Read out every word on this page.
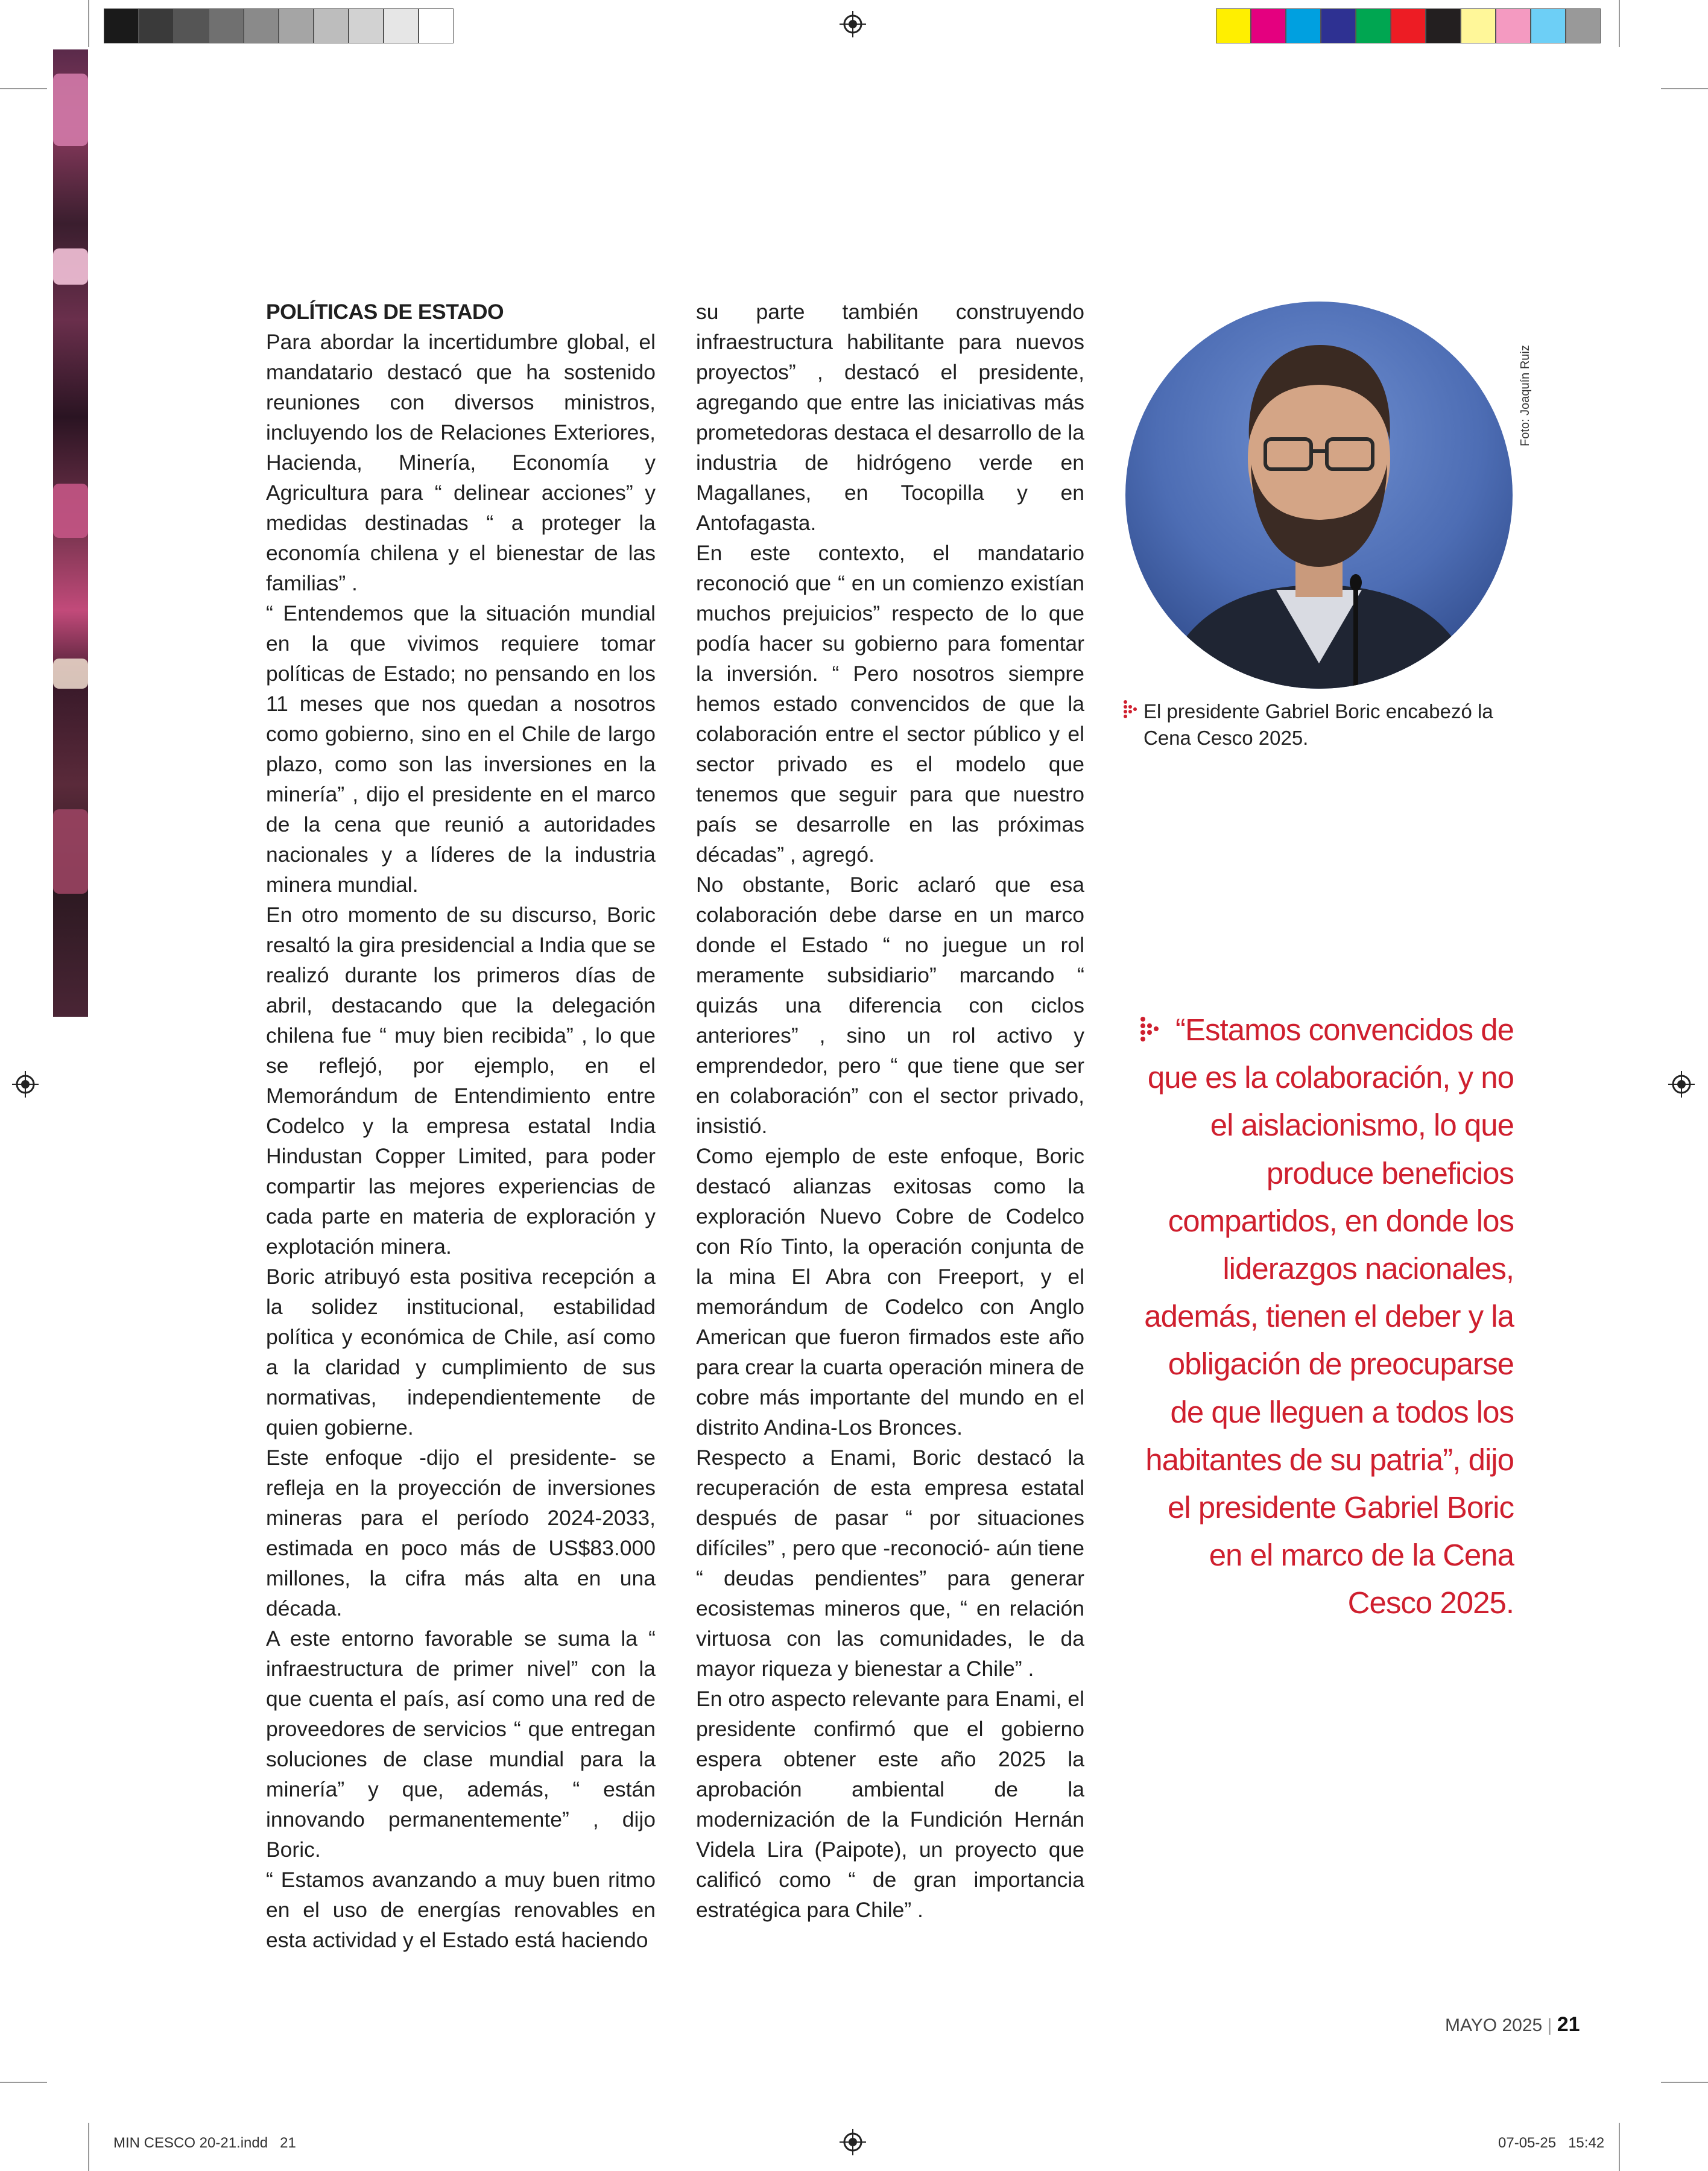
POLÍTICAS DE ESTADO

Para abordar la incertidumbre global, el mandatario destacó que ha sostenido reuniones con diversos ministros, incluyendo los de Relaciones Exteriores, Hacienda, Minería, Economía y Agricultura para “ delinear acciones” y medidas destinadas “ a proteger la economía chilena y el bienestar de las familias” .

“ Entendemos que la situación mundial en la que vivimos requiere tomar políticas de Estado; no pensando en los 11 meses que nos quedan a nosotros como gobierno, sino en el Chile de largo plazo, como son las inversiones en la minería” , dijo el presidente en el marco de la cena que reunió a autoridades nacionales y a líderes de la industria minera mundial.

En otro momento de su discurso, Boric resaltó la gira presidencial a India que se realizó durante los primeros días de abril, destacando que la delegación chilena fue “ muy bien recibida” , lo que se reflejó, por ejemplo, en el Memorándum de Entendimiento entre Codelco y la empresa estatal India Hindustan Copper Limited, para poder compartir las mejores experiencias de cada parte en materia de exploración y explotación minera.

Boric atribuyó esta positiva recepción a la solidez institucional, estabilidad política y económica de Chile, así como a la claridad y cumplimiento de sus normativas, independientemente de quien gobierne.

Este enfoque -dijo el presidente- se refleja en la proyección de inversiones mineras para el período 2024-2033, estimada en poco más de US$83.000 millones, la cifra más alta en una década.

A este entorno favorable se suma la “ infraestructura de primer nivel” con la que cuenta el país, así como una red de proveedores de servicios “ que entregan soluciones de clase mundial para la minería” y que, además, “ están innovando permanentemente” , dijo Boric.

“ Estamos avanzando a muy buen ritmo en el uso de energías renovables en esta actividad y el Estado está haciendo

su parte también construyendo infraestructura habilitante para nuevos proyectos” , destacó el presidente, agregando que entre las iniciativas más prometedoras destaca el desarrollo de la industria de hidrógeno verde en Magallanes, en Tocopilla y en Antofagasta.

En este contexto, el mandatario reconoció que “ en un comienzo existían muchos prejuicios” respecto de lo que podía hacer su gobierno para fomentar la inversión. “ Pero nosotros siempre hemos estado convencidos de que la colaboración entre el sector público y el sector privado es el modelo que tenemos que seguir para que nuestro país se desarrolle en las próximas décadas” , agregó.

No obstante, Boric aclaró que esa colaboración debe darse en un marco donde el Estado “ no juegue un rol meramente subsidiario” marcando “ quizás una diferencia con ciclos anteriores” , sino un rol activo y emprendedor, pero “ que tiene que ser en colaboración” con el sector privado, insistió.

Como ejemplo de este enfoque, Boric destacó alianzas exitosas como la exploración Nuevo Cobre de Codelco con Río Tinto, la operación conjunta de la mina El Abra con Freeport, y el memorándum de Codelco con Anglo American que fueron firmados este año para crear la cuarta operación minera de cobre más importante del mundo en el distrito Andina-Los Bronces.

Respecto a Enami, Boric destacó la recuperación de esta empresa estatal después de pasar “ por situaciones difíciles” , pero que -reconoció- aún tiene “ deudas pendientes” para generar ecosistemas mineros que, “ en relación virtuosa con las comunidades, le da mayor riqueza y bienestar a Chile” .

En otro aspecto relevante para Enami, el presidente confirmó que el gobierno espera obtener este año 2025 la aprobación ambiental de la modernización de la Fundición Hernán Videla Lira (Paipote), un proyecto que calificó como “ de gran importancia estratégica para Chile” .

Foto: Joaquín Ruiz
El presidente Gabriel Boric encabezó la Cena Cesco 2025.
“Estamos convencidos de que es la colaboración, y no el aislacionismo, lo que produce beneficios compartidos, en donde los liderazgos nacionales, además, tienen el deber y la obligación de preocuparse de que lleguen a todos los habitantes de su patria”, dijo el presidente Gabriel Boric en el marco de la Cena Cesco 2025.
MAYO 2025 | 21
MIN CESCO 20-21.indd   21	07-05-25   15:42
